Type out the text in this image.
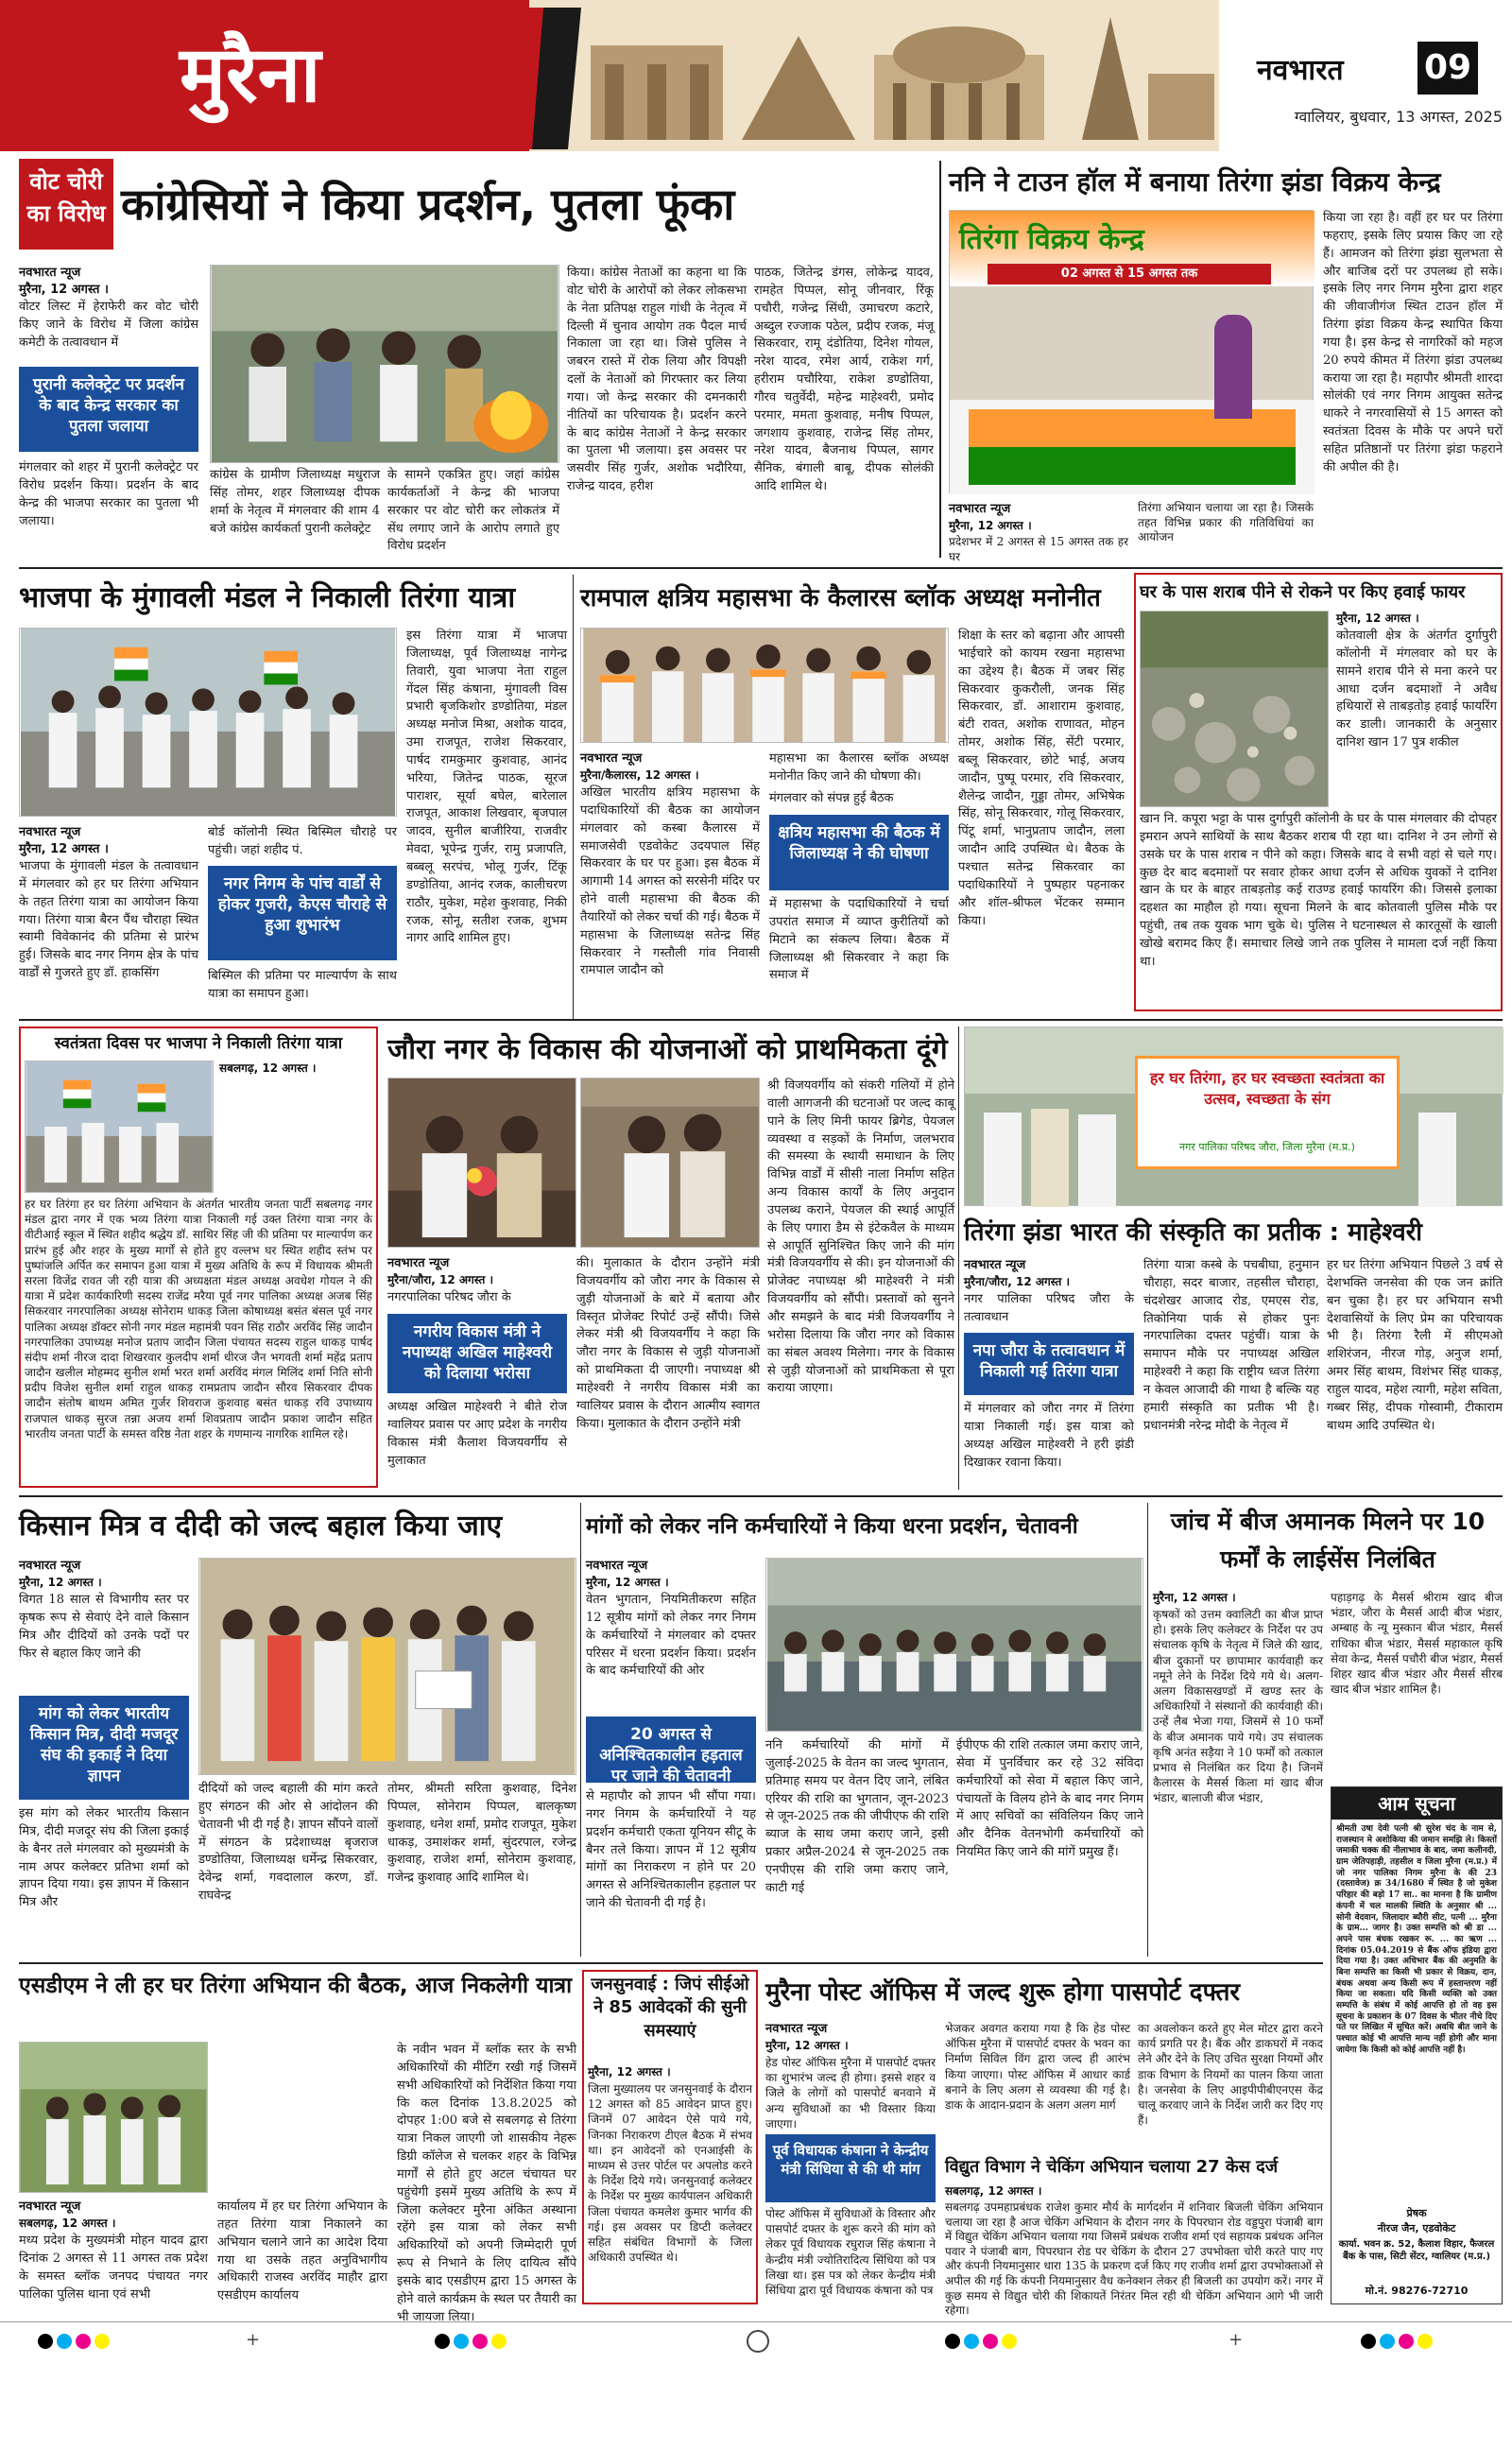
मुरैना	नवभारत	09
ग्वालियर, बुधवार, 13 अगस्त, 2025
वोट चोरी का विरोध कांग्रेसियों ने किया प्रदर्शन, पुतला फूंका
नवभारत न्यूज
मुरैना, 12 अगस्त ।
वोटर लिस्ट में हेराफेरी कर वोट चोरी किए जाने के विरोध में जिला कांग्रेस कमेटी के तत्वावधान में
पुरानी कलेक्ट्रेट पर प्रदर्शन के बाद केन्द्र सरकार का पुतला जलाया
मंगलवार को शहर में पुरानी कलेक्ट्रेट पर विरोध प्रदर्शन किया। प्रदर्शन के बाद केन्द्र की भाजपा सरकार का पुतला भी जलाया।
कांग्रेस के ग्रामीण जिलाध्यक्ष मधुराज सिंह तोमर, शहर जिलाध्यक्ष दीपक शर्मा के नेतृत्व में मंगलवार की शाम 4 बजे कांग्रेस कार्यकर्ता पुरानी कलेक्ट्रेट
के सामने एकत्रित हुए। जहां कांग्रेस कार्यकर्ताओं ने केन्द्र की भाजपा सरकार पर वोट चोरी कर लोकतंत्र में सेंध लगाए जाने के आरोप लगाते हुए विरोध प्रदर्शन
किया। कांग्रेस नेताओं का कहना था कि वोट चोरी के आरोपों को लेकर लोकसभा के नेता प्रतिपक्ष राहुल गांधी के नेतृत्व में दिल्ली में चुनाव आयोग तक पैदल मार्च निकाला जा रहा था। जिसे पुलिस ने जबरन रास्ते में रोक लिया और विपक्षी दलों के नेताओं को गिरफ्तार कर लिया गया। जो केन्द्र सरकार की दमनकारी नीतियों का परिचायक है। प्रदर्शन करने के बाद कांग्रेस नेताओं ने केन्द्र सरकार का पुतला भी जलाया। इस अवसर पर जसवीर सिंह गुर्जर, अशोक भदौरिया, राजेन्द्र यादव, हरीश
पाठक, जितेन्द्र डंगस, लोकेन्द्र यादव, रामहेत पिप्पल, सोनू जीनवार, रिंकू पचौरी, गजेन्द्र सिंधी, उमाचरण कटारे, अब्दुल रज्जाक पठेल, प्रदीप रजक, मंजू सिकरवार, रामू दंडोतिया, दिनेश गोयल, नरेश यादव, रमेश आर्य, राकेश गर्ग, हरीराम पचौरिया, राकेश डण्डोतिया, गौरव चतुर्वेदी, महेन्द्र माहेश्वरी, प्रमोद परमार, ममता कुशवाह, मनीष पिप्पल, जगशाय कुशवाह, राजेन्द्र सिंह तोमर, नरेश यादव, बैजनाथ पिप्पल, सागर सैनिक, बंगाली बाबू, दीपक सोलंकी आदि शामिल थे।
ननि ने टाउन हॉल में बनाया तिरंगा झंडा विक्रय केन्द्र
तिरंगा विक्रय केन्द्र
02 अगस्त से 15 अगस्त तक
नवभारत न्यूज
मुरैना, 12 अगस्त ।
प्रदेशभर में 2 अगस्त से 15 अगस्त तक हर घर
तिरंगा अभियान चलाया जा रहा है। जिसके तहत विभिन्न प्रकार की गतिविधियां का आयोजन
किया जा रहा है। वहीं हर घर पर तिरंगा फहराए, इसके लिए प्रयास किए जा रहे हैं। आमजन को तिरंगा झंडा सुलभता से और बाजिब दरों पर उपलब्ध हो सके। इसके लिए नगर निगम मुरैना द्वारा शहर की जीवाजीगंज स्थित टाउन हॉल में तिरंगा झंडा विक्रय केन्द्र स्थापित किया गया है। इस केन्द्र से नागरिकों को महज 20 रुपये कीमत में तिरंगा झंडा उपलब्ध कराया जा रहा है। महापौर श्रीमती शारदा सोलंकी एवं नगर निगम आयुक्त सतेन्द्र धाकरे ने नगरवासियों से 15 अगस्त को स्वतंत्रता दिवस के मौके पर अपने घरों सहित प्रतिष्ठानों पर तिरंगा झंडा फहराने की अपील की है।
भाजपा के मुंगावली मंडल ने निकाली तिरंगा यात्रा
नवभारत न्यूज
मुरैना, 12 अगस्त ।
भाजपा के मुंगावली मंडल के तत्वावधान में मंगलवार को हर घर तिरंगा अभियान के तहत तिरंगा यात्रा का आयोजन किया गया। तिरंगा यात्रा बैरन पैंथ चौराहा स्थित स्वामी विवेकानंद की प्रतिमा से प्रारंभ हुई। जिसके बाद नगर निगम क्षेत्र के पांच वार्डों से गुजरते हुए डॉ. हाकसिंग
बोर्ड कॉलोनी स्थित बिस्मिल चौराहे पर पहुंची। जहां शहीद पं.
नगर निगम के पांच वार्डों से होकर गुजरी, केएस चौराहे से हुआ शुभारंभ
बिस्मिल की प्रतिमा पर माल्यार्पण के साथ यात्रा का समापन हुआ।
इस तिरंगा यात्रा में भाजपा जिलाध्यक्ष, पूर्व जिलाध्यक्ष नागेन्द्र तिवारी, युवा भाजपा नेता राहुल गेंदल सिंह कंषाना, मुंगावली विस प्रभारी बृजकिशोर डण्डोतिया, मंडल अध्यक्ष मनोज मिश्रा, अशोक यादव, उमा राजपूत, राजेश सिकरवार, पार्षद रामकुमार कुशवाह, आनंद भरिया, जितेन्द्र पाठक, सूरज पाराशर, सूर्या बघेल, बारेलाल राजपूत, आकाश लिखवार, बृजपाल जादव, सुनील बाजीरिया, राजवीर मेवदा, भूपेन्द्र गुर्जर, रामु प्रजापति, बब्बलू सरपंच, भोलू गुर्जर, टिंकू डण्डोतिया, आनंद रजक, कालीचरण राठौर, मुकेश, महेश कुशवाह, निकी रजक, सोनू, सतीश रजक, शुभम नागर आदि शामिल हुए।
रामपाल क्षत्रिय महासभा के कैलारस ब्लॉक अध्यक्ष मनोनीत
नवभारत न्यूज
मुरैना/कैलारस, 12 अगस्त ।
अखिल भारतीय क्षत्रिय महासभा के पदाधिकारियों की बैठक का आयोजन मंगलवार को कस्बा कैलारस में समाजसेवी एडवोकेट उदयपाल सिंह सिकरवार के घर पर हुआ। इस बैठक में आगामी 14 अगस्त को सरसेनी मंदिर पर होने वाली महासभा की बैठक की तैयारियों को लेकर चर्चा की गई। बैठक में महासभा के जिलाध्यक्ष सतेन्द्र सिंह सिकरवार ने गस्तौली गांव निवासी रामपाल जादौन को
महासभा का कैलारस ब्लॉक अध्यक्ष मनोनीत किए जाने की घोषणा की।
मंगलवार को संपन्न हुई बैठक
क्षत्रिय महासभा की बैठक में जिलाध्यक्ष ने की घोषणा
में महासभा के पदाधिकारियों ने चर्चा उपरांत समाज में व्याप्त कुरीतियों को मिटाने का संकल्प लिया। बैठक में जिलाध्यक्ष श्री सिकरवार ने कहा कि समाज में
शिक्षा के स्तर को बढ़ाना और आपसी भाईचारे को कायम रखना महासभा का उद्देश्य है। बैठक में जबर सिंह सिकरवार कुकरौली, जनक सिंह सिकरवार, डॉ. आशाराम कुशवाह, बंटी रावत, अशोक राणावत, मोहन तोमर, अशोक सिंह, सेंटी परमार, बब्लू सिकरवार, छोटे भाई, अजय जादौन, पुष्पू परमार, रवि सिकरवार, शैलेन्द्र जादौन, गुड्डा तोमर, अभिषेक सिंह, सोनू सिकरवार, गोलू सिकरवार, पिंटू शर्मा, भानुप्रताप जादौन, लला जादौन आदि उपस्थित थे। बैठक के पश्चात सतेन्द्र सिकरवार का पदाधिकारियों ने पुष्पहार पहनाकर और शॉल-श्रीफल भेंटकर सम्मान किया।
घर के पास शराब पीने से रोकने पर किए हवाई फायर
मुरैना, 12 अगस्त ।
कोतवाली क्षेत्र के अंतर्गत दुर्गापुरी कॉलोनी में मंगलवार को घर के सामने शराब पीने से मना करने पर आधा दर्जन बदमाशों ने अवैध हथियारों से ताबड़तोड़ हवाई फायरिंग कर डाली। जानकारी के अनुसार दानिश खान 17 पुत्र शकील
खान नि. कपूरा भट्टा के पास दुर्गापुरी कॉलोनी के घर के पास मंगलवार की दोपहर इमरान अपने साथियों के साथ बैठकर शराब पी रहा था। दानिश ने उन लोगों से उसके घर के पास शराब न पीने को कहा। जिसके बाद वे सभी वहां से चले गए। कुछ देर बाद बदमाशों पर सवार होकर आधा दर्जन से अधिक युवकों ने दानिश खान के घर के बाहर ताबड़तोड़ कई राउण्ड हवाई फायरिंग की। जिससे इलाका दहशत का माहौल हो गया। सूचना मिलने के बाद कोतवाली पुलिस मौके पर पहुंची, तब तक युवक भाग चुके थे। पुलिस ने घटनास्थल से कारतूसों के खाली खोखे बरामद किए हैं। समाचार लिखे जाने तक पुलिस ने मामला दर्ज नहीं किया था।
स्वतंत्रता दिवस पर भाजपा ने निकाली तिरंगा यात्रा
सबलगढ़, 12 अगस्त ।
हर घर तिरंगा हर घर तिरंगा अभियान के अंतर्गत भारतीय जनता पार्टी सबलगढ़ नगर मंडल द्वारा नगर में एक भव्य तिरंगा यात्रा निकाली गई उक्त तिरंगा यात्रा नगर के वीटीआई स्कूल में स्थित शहीद श्रद्धेय डॉ. साथिर सिंह जी की प्रतिमा पर माल्यार्पण कर प्रारंभ हुई और शहर के मुख्य मार्गों से होते हुए वल्लभ घर स्थित शहीद स्तंभ पर पुष्पांजलि अर्पित कर समापन हुआ यात्रा में मुख्य अतिथि के रूप में विधायक श्रीमती सरला विजेंद्र रावत जी रही यात्रा की अध्यक्षता मंडल अध्यक्ष अवधेश गोयल ने की यात्रा में प्रदेश कार्यकारिणी सदस्य राजेंद्र मरैया पूर्व नगर पालिका अध्यक्ष अजब सिंह सिकरवार नगरपालिका अध्यक्ष सोनेराम धाकड़ जिला कोषाध्यक्ष बसंत बंसल पूर्व नगर पालिका अध्यक्ष डॉक्टर सोनी नगर मंडल महामंत्री पवन सिंह राठौर अरविंद सिंह जादौन नगरपालिका उपाध्यक्ष मनोज प्रताप जादौन जिला पंचायत सदस्य राहुल धाकड़ पार्षद संदीप शर्मा नीरज दादा शिखरवार कुलदीप शर्मा धीरज जैन भगवती शर्मा महेंद्र प्रताप जादौन खलील मोहम्मद सुनील शर्मा भरत शर्मा अरविंद मंगल मिलिंद शर्मा निति सोनी प्रदीप विजेश सुनील शर्मा राहुल धाकड़ रामप्रताप जादौन सौरव सिकरवार दीपक जादौन संतोष बाथम अमित गुर्जर शिवराज कुशवाह बसंत धाकड़ रवि उपाध्याय राजपाल धाकड़ सुरज तन्ना अजय शर्मा शिवप्रताप जादौन प्रकाश जादौन सहित भारतीय जनता पार्टी के समस्त वरिष्ठ नेता शहर के गणमान्य नागरिक शामिल रहे।
जौरा नगर के विकास की योजनाओं को प्राथमिकता दूंगे
नवभारत न्यूज
मुरैना/जौरा, 12 अगस्त ।
नगरपालिका परिषद जौरा के
नगरीय विकास मंत्री ने नपाध्यक्ष अखिल माहेश्वरी को दिलाया भरोसा
अध्यक्ष अखिल माहेश्वरी ने बीते रोज ग्वालियर प्रवास पर आए प्रदेश के नगरीय विकास मंत्री कैलाश विजयवर्गीय से मुलाकात
की। मुलाकात के दौरान उन्होंने मंत्री विजयवर्गीय को जौरा नगर के विकास से जुड़ी योजनाओं के बारे में बताया और विस्तृत प्रोजेक्ट रिपोर्ट उन्हें सौंपी। जिसे लेकर मंत्री श्री विजयवर्गीय ने कहा कि जौरा नगर के विकास से जुड़ी योजनाओं को प्राथमिकता दी जाएगी। नपाध्यक्ष श्री माहेश्वरी ने नगरीय विकास मंत्री का ग्वालियर प्रवास के दौरान आत्मीय स्वागत किया। मुलाकात के दौरान उन्होंने मंत्री
श्री विजयवर्गीय को संकरी गलियों में होने वाली आगजनी की घटनाओं पर जल्द काबू पाने के लिए मिनी फायर ब्रिगेड, पेयजल व्यवस्था व सड़कों के निर्माण, जलभराव की समस्या के स्थायी समाधान के लिए विभिन्न वार्डों में सीसी नाला निर्माण सहित अन्य विकास कार्यों के लिए अनुदान उपलब्ध कराने, पेयजल की स्थाई आपूर्ति के लिए पगारा डैम से इंटेकवैल के माध्यम से आपूर्ति सुनिश्चित किए जाने की मांग मंत्री विजयवर्गीय से की। इन योजनाओं की प्रोजेक्ट नपाध्यक्ष श्री माहेश्वरी ने मंत्री विजयवर्गीय को सौंपी। प्रस्तावों को सुनने और समझने के बाद मंत्री विजयवर्गीय ने भरोसा दिलाया कि जौरा नगर को विकास का संबल अवश्य मिलेगा। नगर के विकास से जुड़ी योजनाओं को प्राथमिकता से पूरा कराया जाएगा।
हर घर तिरंगा, हर घर स्वच्छता स्वतंत्रता का उत्सव, स्वच्छता के संग
नगर पालिका परिषद जौरा, जिला मुरैना (म.प्र.)
तिरंगा झंडा भारत की संस्कृति का प्रतीक : माहेश्वरी
नवभारत न्यूज
मुरैना/जौरा, 12 अगस्त ।
नगर पालिका परिषद जौरा के तत्वावधान
नपा जौरा के तत्वावधान में निकाली गई तिरंगा यात्रा
में मंगलवार को जौरा नगर में तिरंगा यात्रा निकाली गई। इस यात्रा को अध्यक्ष अखिल माहेश्वरी ने हरी झंडी दिखाकर रवाना किया।
तिरंगा यात्रा कस्बे के पचबीघा, हनुमान चौराहा, सदर बाजार, तहसील चौराहा, चंदशेखर आजाद रोड, एमएस रोड, तिकोनिया पार्क से होकर पुनः नगरपालिका दफ्तर पहुंचीं। यात्रा के समापन मौके पर नपाध्यक्ष अखिल माहेश्वरी ने कहा कि राष्ट्रीय ध्वज तिरंगा न केवल आजादी की गाथा है बल्कि यह हमारी संस्कृति का प्रतीक भी है। प्रधानमंत्री नरेन्द्र मोदी के नेतृत्व में
हर घर तिरंगा अभियान पिछले 3 वर्ष से देशभक्ति जनसेवा की एक जन क्रांति बन चुका है। हर घर अभियान सभी देशवासियों के लिए प्रेम का परिचायक भी है। तिरंगा रैली में सीएमओ शशिरंजन, नीरज गोड़, अनुज शर्मा, अमर सिंह बाथम, विशंभर सिंह धाकड़, राहुल यादव, महेश त्यागी, महेश सविता, गब्बर सिंह, दीपक गोस्वामी, टीकाराम बाथम आदि उपस्थित थे।
किसान मित्र व दीदी को जल्द बहाल किया जाए
नवभारत न्यूज
मुरैना, 12 अगस्त ।
विगत 18 साल से विभागीय स्तर पर कृषक रूप से सेवाएं देने वाले किसान मित्र और दीदियों को उनके पदों पर फिर से बहाल किए जाने की
मांग को लेकर भारतीय किसान मित्र, दीदी मजदूर संघ की इकाई ने दिया ज्ञापन
इस मांग को लेकर भारतीय किसान मित्र, दीदी मजदूर संघ की जिला इकाई के बैनर तले मंगलवार को मुख्यमंत्री के नाम अपर कलेक्टर प्रतिभा शर्मा को ज्ञापन दिया गया। इस ज्ञापन में किसान मित्र और
दीदियों को जल्द बहाली की मांग करते हुए संगठन की ओर से आंदोलन की चेतावनी भी दी गई है। ज्ञापन सौंपने वालों में संगठन के प्रदेशाध्यक्ष बृजराज डण्डोतिया, जिलाध्यक्ष धर्मेन्द्र सिकरवार, देवेन्द्र शर्मा, गवदालाल करण, डॉ. राघवेन्द्र
तोमर, श्रीमती सरिता कुशवाह, दिनेश पिप्पल, सोनेराम पिप्पल, बालकृष्ण कुशवाह, धनेश शर्मा, प्रमोद राजपूत, मुकेश धाकड़, उमाशंकर शर्मा, सुंदरपाल, रजेन्द्र कुशवाह, राजेश शर्मा, सोनेराम कुशवाह, गजेन्द्र कुशवाह आदि शामिल थे।
मांगों को लेकर ननि कर्मचारियों ने किया धरना प्रदर्शन, चेतावनी
नवभारत न्यूज
मुरैना, 12 अगस्त ।
वेतन भुगतान, नियमितीकरण सहित 12 सूत्रीय मांगों को लेकर नगर निगम के कर्मचारियों ने मंगलवार को दफ्तर परिसर में धरना प्रदर्शन किया। प्रदर्शन के बाद कर्मचारियों की ओर
20 अगस्त से अनिश्चितकालीन हड़ताल पर जाने की चेतावनी
से महापौर को ज्ञापन भी सौंपा गया। नगर निगम के कर्मचारियों ने यह प्रदर्शन कर्मचारी एकता यूनियन सीटू के बैनर तले किया। ज्ञापन में 12 सूत्रीय मांगों का निराकरण न होने पर 20 अगस्त से अनिश्चितकालीन हड़ताल पर जाने की चेतावनी दी गई है।
ननि कर्मचारियों की मांगों में जुलाई-2025 के वेतन का जल्द भुगतान, प्रतिमाह समय पर वेतन दिए जाने, लंबित एरियर की राशि का भुगतान, जून-2023 से जून-2025 तक की जीपीएफ की राशि ब्याज के साथ जमा कराए जाने, इसी प्रकार अप्रैल-2024 से जून-2025 तक एनपीएस की राशि जमा कराए जाने, काटी गई
ईपीएफ की राशि तत्काल जमा कराए जाने, सेवा में पुनर्विचार कर रहे 32 संविदा कर्मचारियों को सेवा में बहाल किए जाने, पंचायतों के विलय होने के बाद नगर निगम में आए सचिवों का संविलियन किए जाने और दैनिक वेतनभोगी कर्मचारियों को नियमित किए जाने की मांगें प्रमुख हैं।
जांच में बीज अमानक मिलने पर 10 फर्मों के लाईसेंस निलंबित
मुरैना, 12 अगस्त ।
कृषकों को उत्तम क्वालिटी का बीज प्राप्त हो। इसके लिए कलेक्टर के निर्देश पर उप संचालक कृषि के नेतृत्व में जिले की खाद, बीज दुकानों पर छापामार कार्यवाही कर नमूने लेने के निर्देश दिये गये थे। अलग-अलग विकासखण्डों में खण्ड स्तर के अधिकारियों ने संस्थानों की कार्यवाही की। उन्हें लैब भेजा गया, जिसमें से 10 फर्मों के बीज अमानक पाये गये। उप संचालक कृषि अनंत सड़ैया ने 10 फर्मों को तत्काल प्रभाव से निलंबित कर दिया है। जिनमें कैलारस के मैसर्स किला मां खाद बीज भंडार, बालाजी बीज भंडार,
पहाड़गढ़ के मैसर्स श्रीराम खाद बीज भंडार, जौरा के मैसर्स आदी बीज भंडार, अम्बाह के न्यू मुस्कान बीज भंडार, मैसर्स राधिका बीज भंडार, मैसर्स महाकाल कृषि सेवा केन्द्र, मैसर्स पचौरी बीज भंडार, मैसर्स शिहर खाद बीज भंडार और मैसर्स सीरब खाद बीज भंडार शामिल है।
आम सूचना
श्रीमती उषा देवी पत्नी श्री सुरेश चंद के नाम से, राजस्थान मे अशोकिया की जमान समझि ले। किस्तों जमाकी चक्क की नीलाभाव के बाद, जमा कलीनदी, ग्राम जेतिपहाड़ी, तहसील व जिला मुरैना (म.प्र.) में जो नगर पालिका निगम मुरैना के की 23 (दस्तावेज) क्र 34/1680 में स्थित है जो मुकेश परिहार की बड़ो 17 सा.. का मानना है कि ग्रामीण कंपनी में चल मालकी स्थिति के अनुसार श्री ... सोनी वेदवान, जिलादार ब्यौरी सीट, पत्नी ... मुरैना के ग्राम... जागर है। उक्त सम्पत्ति को श्री डा ... अपने पास बंधक रखकर रू. ... का ऋण ... दिनांक 05.04.2019 से बैंक ऑफ इंडिया द्वारा दिया गया है। उक्त अधिभार बैंक की अनुमति के बिना सम्पत्ति का किसी भी प्रकार से विक्रय, दान, बंधक अथवा अन्य किसी रूप में हस्तान्तरण नहीं किया जा सकता। यदि किसी व्यक्ति को उक्त सम्पत्ति के संबंध में कोई आपत्ति हो तो वह इस सूचना के प्रकाशन के 07 दिवस के भीतर नीचे दिए पते पर लिखित में सूचित करें। अवधि बीत जाने के पश्चात कोई भी आपत्ति मान्य नहीं होगी और माना जायेगा कि किसी को कोई आपत्ति नहीं है।
प्रेषक
नीरज जैन, एडवोकेट
कार्या. भवन क्र. 52, कैलाश विहार, फैजरल बैंक के पास, सिटी सेंटर, ग्वालियर (म.प्र.)
मो.नं. 98276-72710
एसडीएम ने ली हर घर तिरंगा अभियान की बैठक, आज निकलेगी यात्रा
नवभारत न्यूज
सबलगढ़, 12 अगस्त ।
मध्य प्रदेश के मुख्यमंत्री मोहन यादव द्वारा दिनांक 2 अगस्त से 11 अगस्त तक प्रदेश के समस्त ब्लॉक जनपद पंचायत नगर पालिका पुलिस थाना एवं सभी
कार्यालय में हर घर तिरंगा अभियान के तहत तिरंगा यात्रा निकालने का अभियान चलाने जाने का आदेश दिया गया था उसके तहत अनुविभागीय अधिकारी राजस्व अरविंद माहौर द्वारा एसडीएम कार्यालय
के नवीन भवन में ब्लॉक स्तर के सभी अधिकारियों की मीटिंग रखी गई जिसमें सभी अधिकारियों को निर्देशित किया गया कि कल दिनांक 13.8.2025 को दोपहर 1:00 बजे से सबलगढ़ से तिरंगा यात्रा निकल जाएगी जो शासकीय नेहरू डिग्री कॉलेज से चलकर शहर के विभिन्न मार्गों से होते हुए अटल चंचायत घर पहुंचेगी इसमें मुख्य अतिथि के रूप में जिला कलेक्टर मुरैना अंकित अस्थाना रहेंगे इस यात्रा को लेकर सभी अधिकारियों को अपनी जिम्मेदारी पूर्ण रूप से निभाने के लिए दायित्व सौंपे इसके बाद एसडीएम द्वारा 15 अगस्त के होने वाले कार्यक्रम के स्थल पर तैयारी का भी जायजा लिया।
जनसुनवाई : जिपं सीईओ ने 85 आवेदकों की सुनी समस्याएं
मुरैना, 12 अगस्त ।
जिला मुख्यालय पर जनसुनवाई के दौरान 12 अगस्त को 85 आवेदन प्राप्त हुए। जिनमें 07 आवेदन ऐसे पाये गये, जिनका निराकरण टीएल बैठक में संभव था। इन आवेदनों को एनआईसी के माध्यम से उत्तर पोर्टल पर अपलोड करने के निर्देश दिये गये। जनसुनवाई कलेक्टर के निर्देश पर मुख्य कार्यपालन अधिकारी जिला पंचायत कमलेश कुमार भार्गव की गई। इस अवसर पर डिप्टी कलेक्टर सहित संबंधित विभागों के जिला अधिकारी उपस्थित थे।
मुरैना पोस्ट ऑफिस में जल्द शुरू होगा पासपोर्ट दफ्तर
नवभारत न्यूज
मुरैना, 12 अगस्त ।
हेड पोस्ट ऑफिस मुरैना में पासपोर्ट दफ्तर का शुभारंभ जल्द ही होगा। इससे शहर व जिले के लोगों को पासपोर्ट बनवाने में अन्य सुविधाओं का भी विस्तार किया जाएगा।
पूर्व विधायक कंषाना ने केन्द्रीय मंत्री सिंधिया से की थी मांग
पोस्ट ऑफिस में सुविधाओं के विस्तार और पासपोर्ट दफ्तर के शुरू करने की मांग को लेकर पूर्व विधायक रघुराज सिंह कंषाना ने केन्द्रीय मंत्री ज्योतिरादित्य सिंधिया को पत्र लिखा था। इस पत्र को लेकर केन्द्रीय मंत्री सिंधिया द्वारा पूर्व विधायक कंषाना को पत्र
भेजकर अवगत कराया गया है कि हेड पोस्ट ऑफिस मुरैना में पासपोर्ट दफ्तर के भवन का निर्माण सिविल विंग द्वारा जल्द ही आरंभ किया जाएगा। पोस्ट ऑफिस में आधार कार्ड बनाने के लिए अलग से व्यवस्था की गई है। डाक के आदान-प्रदान के अलग अलग मार्ग
का अवलोकन करते हुए मेल मोटर द्वारा करने कार्य प्रगति पर है। बैंक और डाकघरों में नकद लेने और देने के लिए उचित सुरक्षा नियमों और डाक विभाग के नियमों का पालन किया जाता है। जनसेवा के लिए आइपीपीबीएनएस केंद्र चालू करवाए जाने के निर्देश जारी कर दिए गए हैं।
विद्युत विभाग ने चेकिंग अभियान चलाया 27 केस दर्ज
सबलगढ़, 12 अगस्त ।
सबलगढ़ उपमहाप्रबंधक राजेश कुमार मौर्य के मार्गदर्शन में शनिवार बिजली चेकिंग अभियान चलाया जा रहा है आज चेकिंग अभियान के दौरान नगर के पिपरघान रोड वड्डपुरा पंजाबी बाग में विद्युत चेकिंग अभियान चलाया गया जिसमें प्रबंधक राजीव शर्मा एवं सहायक प्रबंधक अनिल पवार ने पंजाबी बाग, पिपरघान रोड पर चेकिंग के दौरान 27 उपभोक्ता चोरी करते पाए गए और कंपनी नियमानुसार धारा 135 के प्रकरण दर्ज किए गए राजीव शर्मा द्वारा उपभोक्ताओं से अपील की गई कि कंपनी नियमानुसार वैध कनेक्शन लेकर ही बिजली का उपयोग करें। नगर में कुछ समय से विद्युत चोरी की शिकायतें निरंतर मिल रही थी चेकिंग अभियान आगे भी जारी रहेगा।
+	+
